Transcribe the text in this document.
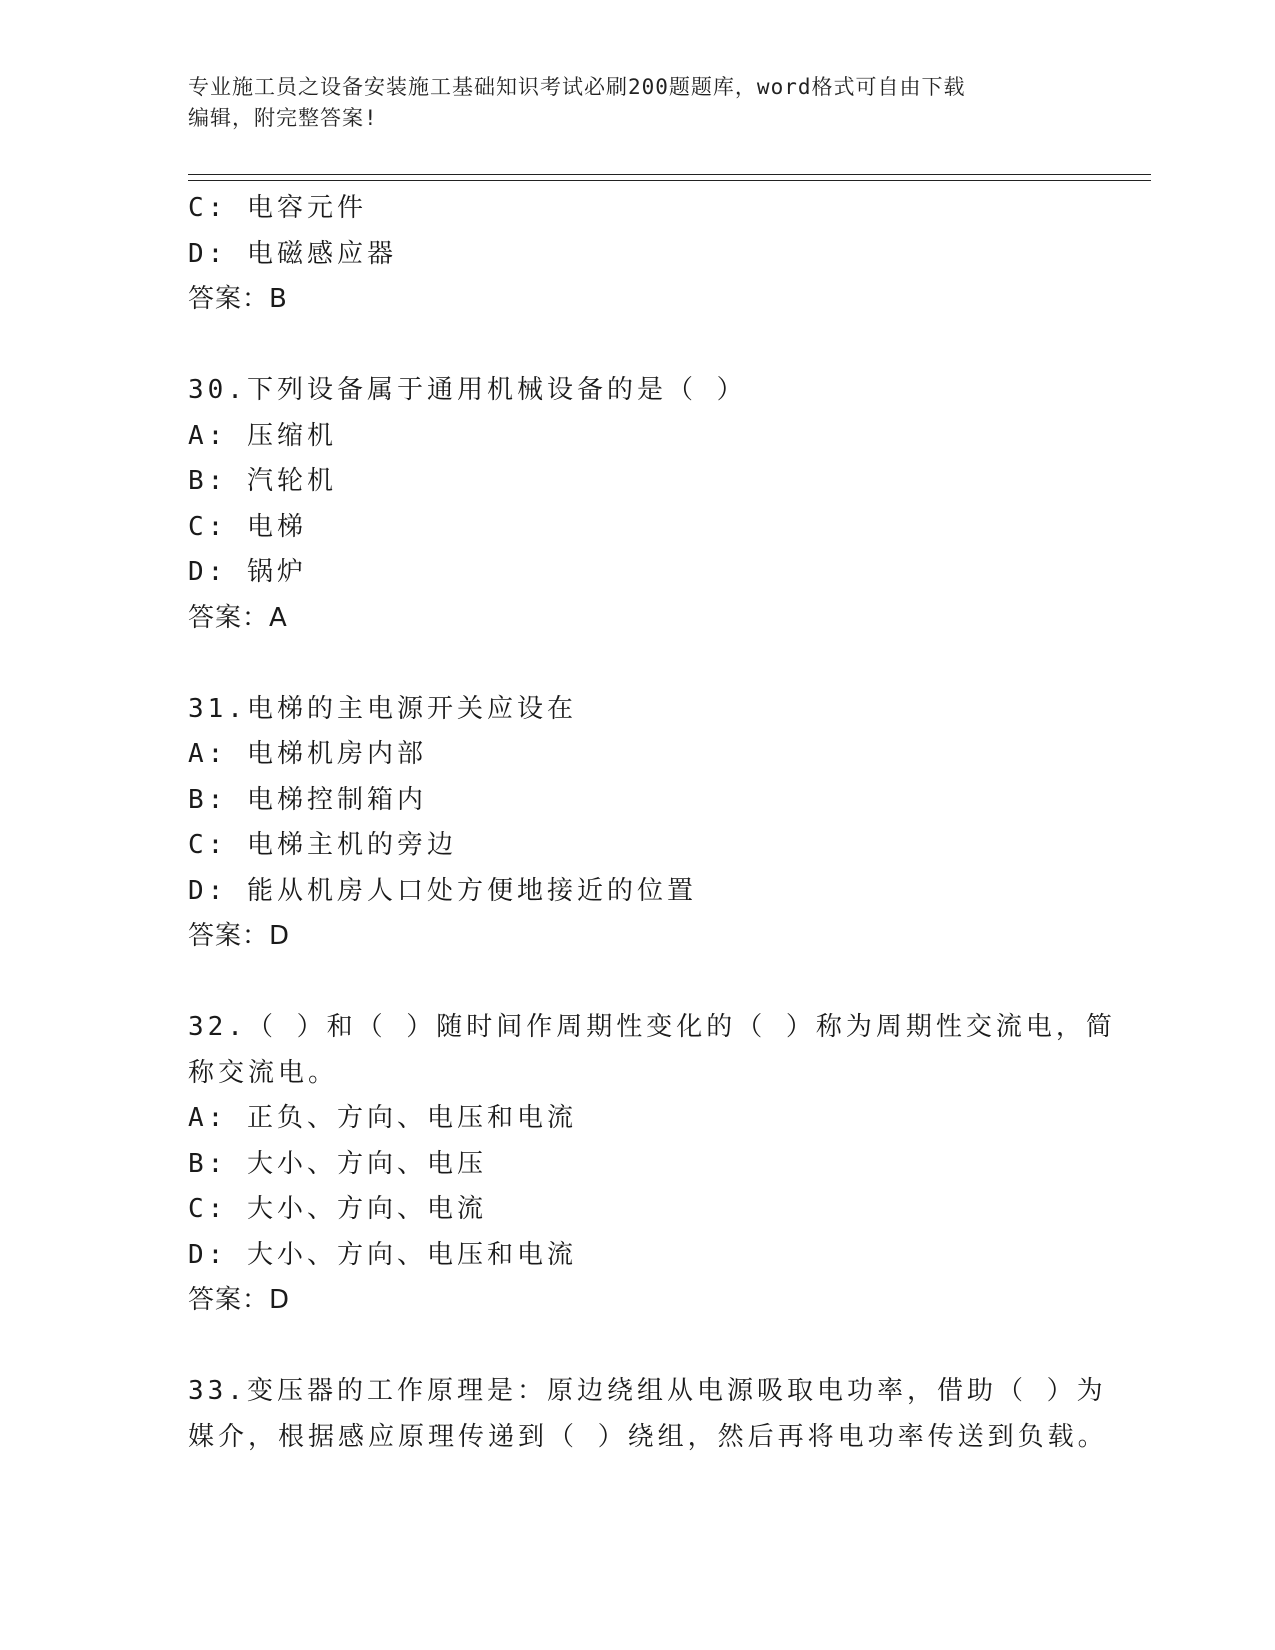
专业施工员之设备安装施工基础知识考试必刷200题题库，word格式可自由下载
编辑，附完整答案!
C: 电容元件
D: 电磁感应器
答案：B
30.下列设备属于通用机械设备的是（ ）
A: 压缩机
B: 汽轮机
C: 电梯
D: 锅炉
答案：A
31.电梯的主电源开关应设在
A: 电梯机房内部
B: 电梯控制箱内
C: 电梯主机的旁边
D: 能从机房人口处方便地接近的位置
答案：D
32.（ ）和（ ）随时间作周期性变化的（ ）称为周期性交流电，简
称交流电。
A: 正负、方向、电压和电流
B: 大小、方向、电压
C: 大小、方向、电流
D: 大小、方向、电压和电流
答案：D
33.变压器的工作原理是：原边绕组从电源吸取电功率，借助（ ）为
媒介，根据感应原理传递到（ ）绕组，然后再将电功率传送到负载。
